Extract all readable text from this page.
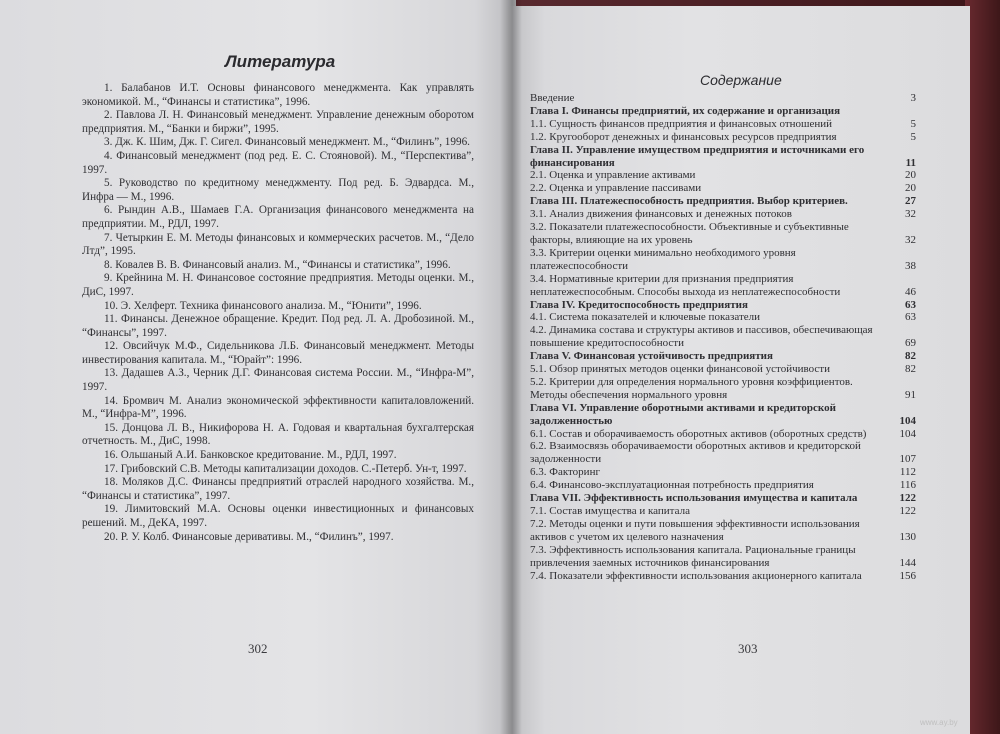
Литература
1. Балабанов И.Т. Основы финансового менеджмента. Как управлять экономикой. М., “Финансы и статистика”, 1996.
2. Павлова Л. Н. Финансовый менеджмент. Управление денежным оборотом предприятия. М., “Банки и биржи”, 1995.
3. Дж. К. Шим, Дж. Г. Сигел. Финансовый менеджмент. М., “Филинъ”, 1996.
4. Финансовый менеджмент (под ред. Е. С. Стояновой). М., “Перспектива”, 1997.
5. Руководство по кредитному менеджменту. Под ред. Б. Эдвардса. М., Инфра — М., 1996.
6. Рындин А.В., Шамаев Г.А. Организация финансового менеджмента на предприятии. М., РДЛ, 1997.
7. Четыркин Е. М. Методы финансовых и коммерческих расчетов. М., “Дело Лтд”, 1995.
8. Ковалев В. В. Финансовый анализ. М., “Финансы и статистика”, 1996.
9. Крейнина М. Н. Финансовое состояние предприятия. Методы оценки. М., ДиС, 1997.
10. Э. Хелферт. Техника финансового анализа. М., “Юнити”, 1996.
11. Финансы. Денежное обращение. Кредит. Под ред. Л. А. Дробозиной. М., “Финансы”, 1997.
12. Овсийчук М.Ф., Сидельникова Л.Б. Финансовый менеджмент. Методы инвестирования капитала. М., “Юрайт”: 1996.
13. Дадашев А.З., Черник Д.Г. Финансовая система России. М., “Инфра-М”, 1997.
14. Бромвич М. Анализ экономической эффективности капиталовложений. М., “Инфра-М”, 1996.
15. Донцова Л. В., Никифорова Н. А. Годовая и квартальная бухгалтерская отчетность. М., ДиС, 1998.
16. Ольшаный А.И. Банковское кредитование. М., РДЛ, 1997.
17. Грибовский С.В. Методы капитализации доходов. С.-Петерб. Ун-т, 1997.
18. Моляков Д.С. Финансы предприятий отраслей народного хозяйства. М., “Финансы и статистика”, 1997.
19. Лимитовский М.А. Основы оценки инвестиционных и финансовых решений. М., ДеКА, 1997.
20. Р. У. Колб. Финансовые деривативы. М., “Филинъ”, 1997.
302
Содержание
Введение	3
Глава I. Финансы предприятий, их содержание и организация
1.1. Сущность финансов предприятия и финансовых отношений	5
1.2. Кругооборот денежных и финансовых ресурсов предприятия	5
Глава II. Управление имуществом предприятия и источниками его финансирования	11
2.1. Оценка и управление активами	20
2.2. Оценка и управление пассивами	20
Глава III. Платежеспособность предприятия. Выбор критериев.	27
3.1. Анализ движения финансовых и денежных потоков	32
3.2. Показатели платежеспособности. Объективные и субъективные факторы, влияющие на их уровень	32
3.3. Критерии оценки минимально необходимого уровня платежеспособности	38
3.4. Нормативные критерии для признания предприятия неплатежеспособным. Способы выхода из неплатежеспособности	46
Глава IV. Кредитоспособность предприятия	63
4.1. Система показателей и ключевые показатели	63
4.2. Динамика состава и структуры активов и пассивов, обеспечивающая повышение кредитоспособности	69
Глава V. Финансовая устойчивость предприятия	82
5.1. Обзор принятых методов оценки финансовой устойчивости	82
5.2. Критерии для определения нормального уровня коэффициентов. Методы обеспечения нормального уровня	91
Глава VI. Управление оборотными активами и кредиторской задолженностью	104
6.1. Состав и оборачиваемость оборотных активов (оборотных средств)	104
6.2. Взаимосвязь оборачиваемости оборотных активов и кредиторской задолженности	107
6.3. Факторинг	112
6.4. Финансово-эксплуатационная потребность предприятия	116
Глава VII. Эффективность использования имущества и капитала	122
7.1. Состав имущества и капитала	122
7.2. Методы оценки и пути повышения эффективности использования активов с учетом их целевого назначения	130
7.3. Эффективность использования капитала. Рациональные границы привлечения заемных источников финансирования	144
7.4. Показатели эффективности использования акционерного капитала	156
303
www.ay.by
